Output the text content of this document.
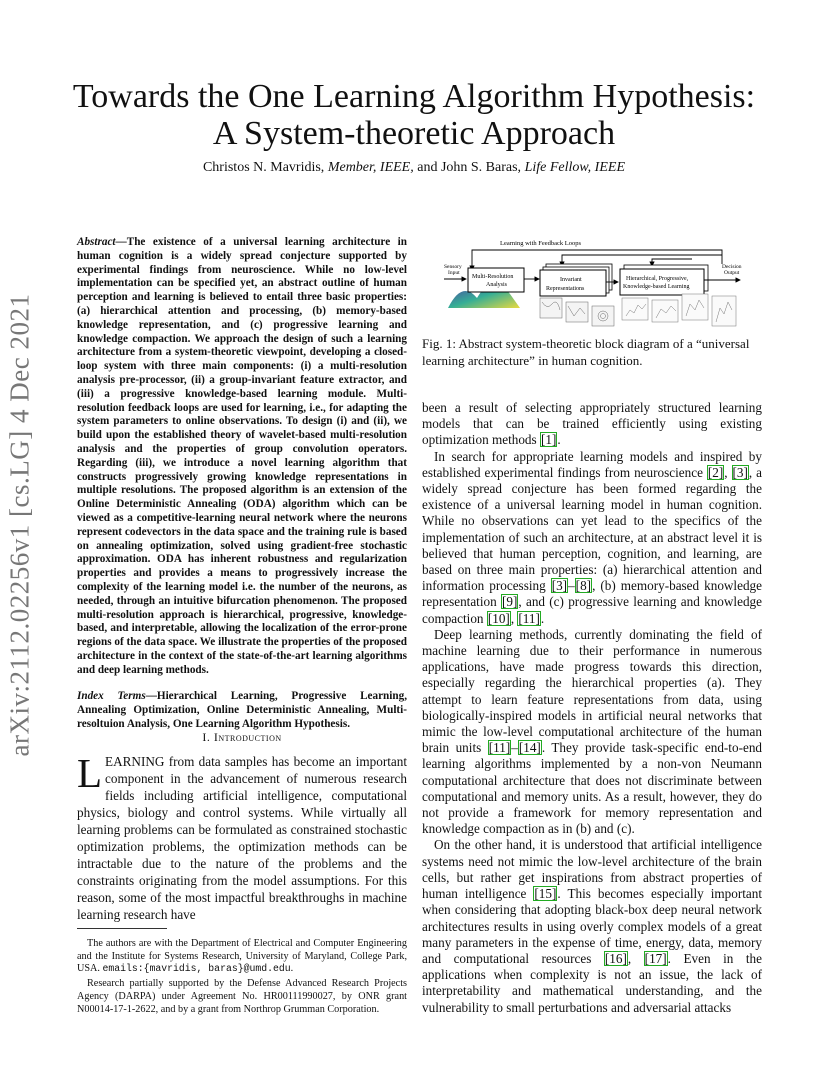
arXiv:2112.02256v1 [cs.LG] 4 Dec 2021
Towards the One Learning Algorithm Hypothesis:
A System-theoretic Approach
Christos N. Mavridis, Member, IEEE, and John S. Baras, Life Fellow, IEEE
Abstract—The existence of a universal learning architecture in human cognition is a widely spread conjecture supported by experimental findings from neuroscience. While no low-level implementation can be specified yet, an abstract outline of human perception and learning is believed to entail three basic properties: (a) hierarchical attention and processing, (b) memory-based knowledge representation, and (c) progressive learning and knowledge compaction. We approach the design of such a learning architecture from a system-theoretic viewpoint, developing a closed-loop system with three main components: (i) a multi-resolution analysis pre-processor, (ii) a group-invariant feature extractor, and (iii) a progressive knowledge-based learning module. Multi-resolution feedback loops are used for learning, i.e., for adapting the system parameters to online observations. To design (i) and (ii), we build upon the established theory of wavelet-based multi-resolution analysis and the properties of group convolution operators. Regarding (iii), we introduce a novel learning algorithm that constructs progressively growing knowledge representations in multiple resolutions. The proposed algorithm is an extension of the Online Deterministic Annealing (ODA) algorithm which can be viewed as a competitive-learning neural network where the neurons represent codevectors in the data space and the training rule is based on annealing optimization, solved using gradient-free stochastic approximation. ODA has inherent robustness and regularization properties and provides a means to progressively increase the complexity of the learning model i.e. the number of the neurons, as needed, through an intuitive bifurcation phenomenon. The proposed multi-resolution approach is hierarchical, progressive, knowledge-based, and interpretable, allowing the localization of the error-prone regions of the data space. We illustrate the properties of the proposed architecture in the context of the state-of-the-art learning algorithms and deep learning methods.
Index Terms—Hierarchical Learning, Progressive Learning, Annealing Optimization, Online Deterministic Annealing, Multi-resoltuion Analysis, One Learning Algorithm Hypothesis.
I. Introduction
LEARNING from data samples has become an important component in the advancement of numerous research fields including artificial intelligence, computational physics, biology and control systems. While virtually all learning problems can be formulated as constrained stochastic optimization problems, the optimization methods can be intractable due to the nature of the problems and the constraints originating from the model assumptions. For this reason, some of the most impactful breakthroughs in machine learning research have

The authors are with the Department of Electrical and Computer Engineering and the Institute for Systems Research, University of Maryland, College Park, USA. emails:{mavridis, baras}@umd.edu.

Research partially supported by the Defense Advanced Research Projects Agency (DARPA) under Agreement No. HR00111990027, by ONR grant N00014-17-1-2622, and by a grant from Northrop Grumman Corporation.

Learning with Feedback Loops
Sensory
Input
Multi-Resolution
Analysis
Invariant
Representations
Hierarchical, Progressive,
Knowledge-based Learning
Decision
Output
Fig. 1: Abstract system-theoretic block diagram of a “universal learning architecture” in human cognition.

been a result of selecting appropriately structured learning models that can be trained efficiently using existing optimization methods [1].

In search for appropriate learning models and inspired by established experimental findings from neuroscience [2], [3], a widely spread conjecture has been formed regarding the existence of a universal learning model in human cognition. While no observations can yet lead to the specifics of the implementation of such an architecture, at an abstract level it is believed that human perception, cognition, and learning, are based on three main properties: (a) hierarchical attention and information processing [3]–[8], (b) memory-based knowledge representation [9], and (c) progressive learning and knowledge compaction [10], [11].

Deep learning methods, currently dominating the field of machine learning due to their performance in numerous applications, have made progress towards this direction, especially regarding the hierarchical properties (a). They attempt to learn feature representations from data, using biologically-inspired models in artificial neural networks that mimic the low-level computational architecture of the human brain units [11]–[14]. They provide task-specific end-to-end learning algorithms implemented by a non-von Neumann computational architecture that does not discriminate between computational and memory units. As a result, however, they do not provide a framework for memory representation and knowledge compaction as in (b) and (c).

On the other hand, it is understood that artificial intelligence systems need not mimic the low-level architecture of the brain cells, but rather get inspirations from abstract properties of human intelligence [15]. This becomes especially important when considering that adopting black-box deep neural network architectures results in using overly complex models of a great many parameters in the expense of time, energy, data, memory and computational resources [16], [17]. Even in the applications when complexity is not an issue, the lack of interpretability and mathematical understanding, and the vulnerability to small perturbations and adversarial attacks
